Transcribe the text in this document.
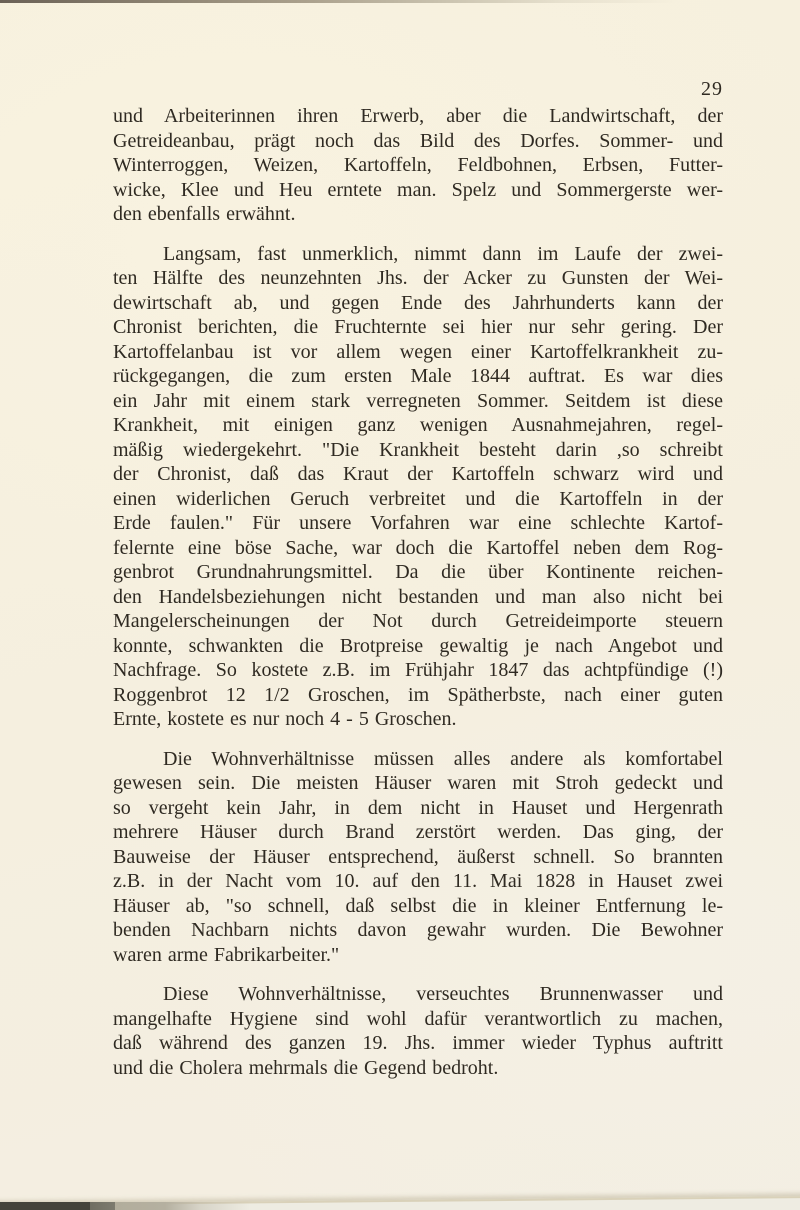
29
und Arbeiterinnen ihren Erwerb, aber die Landwirtschaft, der
Getreideanbau, prägt noch das Bild des Dorfes. Sommer- und
Winterroggen, Weizen, Kartoffeln, Feldbohnen, Erbsen, Futter-
wicke, Klee und Heu erntete man. Spelz und Sommergerste wer-
den ebenfalls erwähnt.
Langsam, fast unmerklich, nimmt dann im Laufe der zwei-
ten Hälfte des neunzehnten Jhs. der Acker zu Gunsten der Wei-
dewirtschaft ab, und gegen Ende des Jahrhunderts kann der
Chronist berichten, die Fruchternte sei hier nur sehr gering. Der
Kartoffelanbau ist vor allem wegen einer Kartoffelkrankheit zu-
rückgegangen, die zum ersten Male 1844 auftrat. Es war dies
ein Jahr mit einem stark verregneten Sommer. Seitdem ist diese
Krankheit, mit einigen ganz wenigen Ausnahmejahren, regel-
mäßig wiedergekehrt. "Die Krankheit besteht darin ,so schreibt
der Chronist, daß das Kraut der Kartoffeln schwarz wird und
einen widerlichen Geruch verbreitet und die Kartoffeln in der
Erde faulen." Für unsere Vorfahren war eine schlechte Kartof-
felernte eine böse Sache, war doch die Kartoffel neben dem Rog-
genbrot Grundnahrungsmittel. Da die über Kontinente reichen-
den Handelsbeziehungen nicht bestanden und man also nicht bei
Mangelerscheinungen der Not durch Getreideimporte steuern
konnte, schwankten die Brotpreise gewaltig je nach Angebot und
Nachfrage. So kostete z.B. im Frühjahr 1847 das achtpfündige (!)
Roggenbrot 12 1/2 Groschen, im Spätherbste, nach einer guten
Ernte, kostete es nur noch 4 - 5 Groschen.
Die Wohnverhältnisse müssen alles andere als komfortabel
gewesen sein. Die meisten Häuser waren mit Stroh gedeckt und
so vergeht kein Jahr, in dem nicht in Hauset und Hergenrath
mehrere Häuser durch Brand zerstört werden. Das ging, der
Bauweise der Häuser entsprechend, äußerst schnell. So brannten
z.B. in der Nacht vom 10. auf den 11. Mai 1828 in Hauset zwei
Häuser ab, "so schnell, daß selbst die in kleiner Entfernung le-
benden Nachbarn nichts davon gewahr wurden. Die Bewohner
waren arme Fabrikarbeiter."
Diese Wohnverhältnisse, verseuchtes Brunnenwasser und
mangelhafte Hygiene sind wohl dafür verantwortlich zu machen,
daß während des ganzen 19. Jhs. immer wieder Typhus auftritt
und die Cholera mehrmals die Gegend bedroht.
